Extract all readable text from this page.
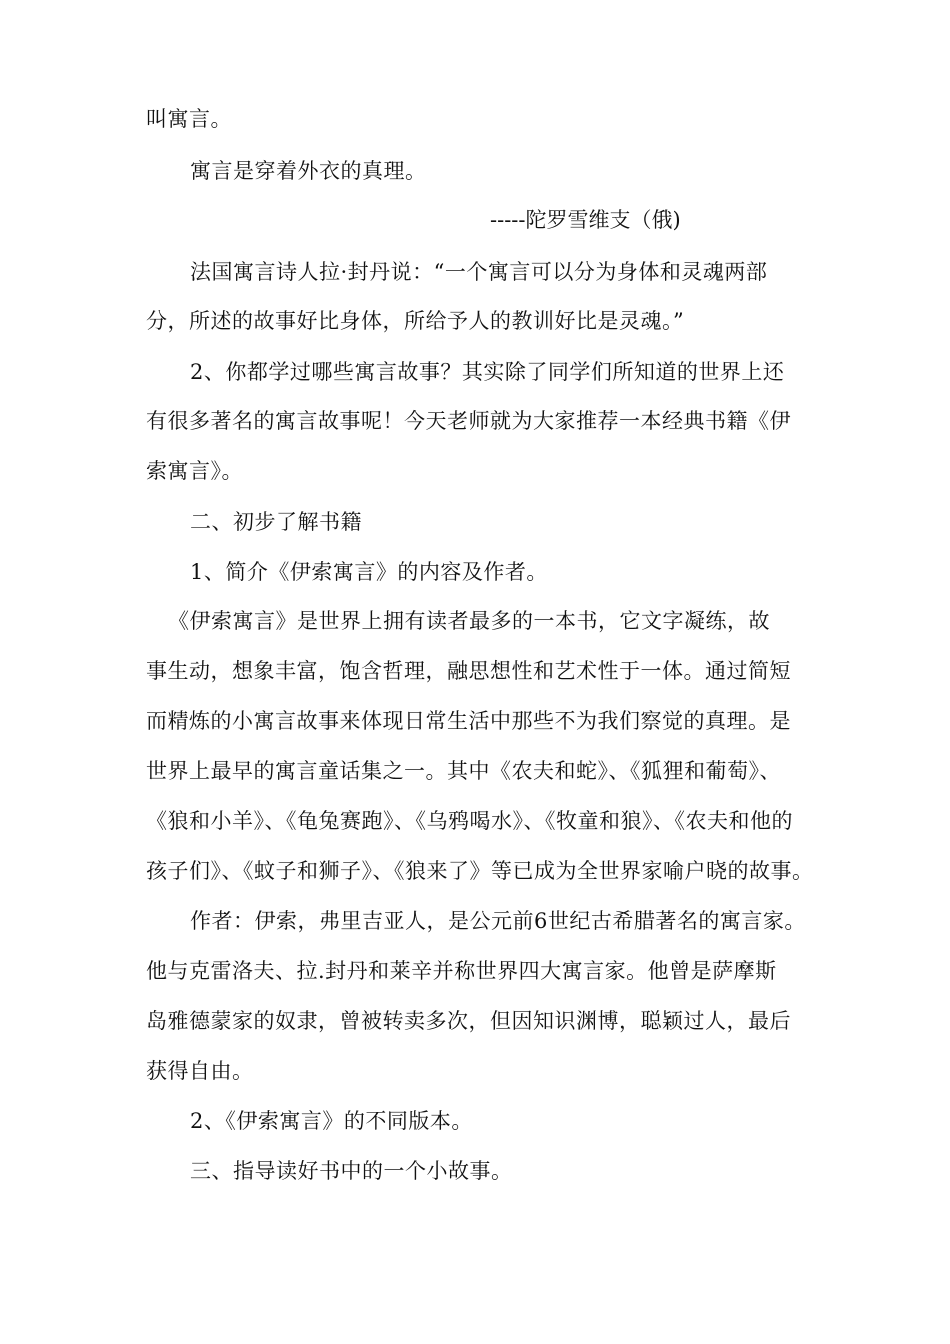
叫寓言。
寓言是穿着外衣的真理。
-----陀罗雪维支（俄)
法国寓言诗人拉·封丹说：“一个寓言可以分为身体和灵魂两部
分，所述的故事好比身体，所给予人的教训好比是灵魂。”
2、你都学过哪些寓言故事？其实除了同学们所知道的世界上还
有很多著名的寓言故事呢！今天老师就为大家推荐一本经典书籍《伊
索寓言》。
二、初步了解书籍
1、简介《伊索寓言》的内容及作者。
《伊索寓言》是世界上拥有读者最多的一本书，它文字凝练，故
事生动，想象丰富，饱含哲理，融思想性和艺术性于一体。通过简短
而精炼的小寓言故事来体现日常生活中那些不为我们察觉的真理。是
世界上最早的寓言童话集之一。其中《农夫和蛇》、《狐狸和葡萄》、
《狼和小羊》、《龟兔赛跑》、《乌鸦喝水》、《牧童和狼》、《农夫和他的
孩子们》、《蚊子和狮子》、《狼来了》等已成为全世界家喻户晓的故事。
作者：伊索，弗里吉亚人，是公元前6世纪古希腊著名的寓言家。
他与克雷洛夫、拉.封丹和莱辛并称世界四大寓言家。他曾是萨摩斯
岛雅德蒙家的奴隶，曾被转卖多次，但因知识渊博，聪颖过人，最后
获得自由。
2、《伊索寓言》的不同版本。
三、指导读好书中的一个小故事。
